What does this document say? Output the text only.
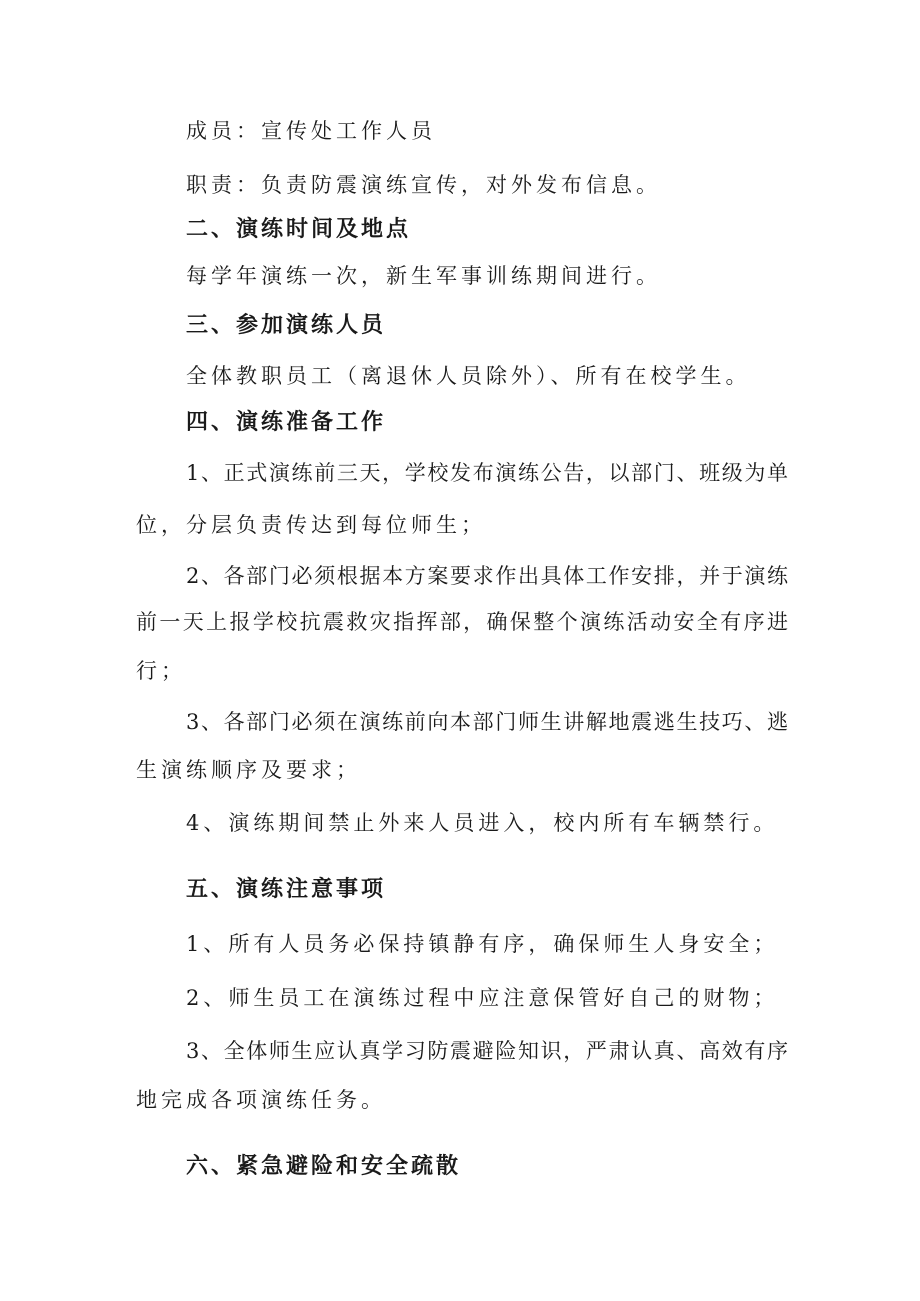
成员：宣传处工作人员
职责：负责防震演练宣传，对外发布信息。
二、演练时间及地点
每学年演练一次，新生军事训练期间进行。
三、参加演练人员
全体教职员工（离退休人员除外）、所有在校学生。
四、演练准备工作
1、正式演练前三天，学校发布演练公告，以部门、班级为单
位，分层负责传达到每位师生；
2、各部门必须根据本方案要求作出具体工作安排，并于演练
前一天上报学校抗震救灾指挥部，确保整个演练活动安全有序进
行；
3、各部门必须在演练前向本部门师生讲解地震逃生技巧、逃
生演练顺序及要求；
4、演练期间禁止外来人员进入，校内所有车辆禁行。
五、演练注意事项
1、所有人员务必保持镇静有序，确保师生人身安全；
2、师生员工在演练过程中应注意保管好自己的财物；
3、全体师生应认真学习防震避险知识，严肃认真、高效有序
地完成各项演练任务。
六、紧急避险和安全疏散
